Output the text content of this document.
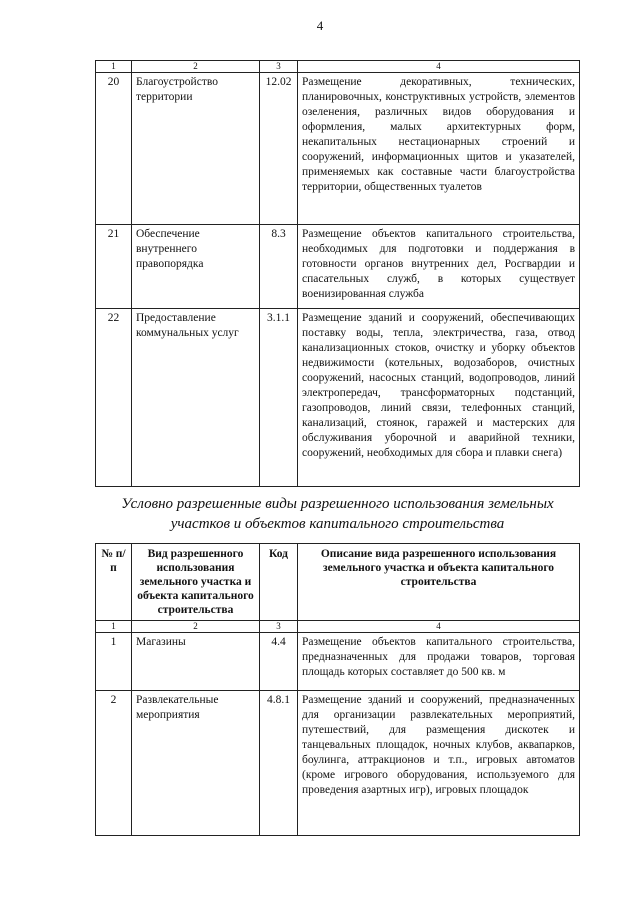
4
1	2	3	4
20	Благоустройство территории	12.02	Размещение декоративных, технических, планировочных, конструктивных устройств, элементов озеленения, различных видов оборудования и оформления, малых архитектурных форм, некапитальных нестационарных строений и сооружений, информационных щитов и указателей, применяемых как составные части благоустройства территории, общественных туалетов
21	Обеспечение внутреннего правопорядка	8.3	Размещение объектов капитального строительства, необходимых для подготовки и поддержания в готовности органов внутренних дел, Росгвардии и спасательных служб, в которых существует военизированная служба
22	Предоставление коммунальных услуг	3.1.1	Размещение зданий и сооружений, обеспечивающих поставку воды, тепла, электричества, газа, отвод канализационных стоков, очистку и уборку объектов недвижимости (котельных, водозаборов, очистных сооружений, насосных станций, водопроводов, линий электропередач, трансформаторных подстанций, газопроводов, линий связи, телефонных станций, канализаций, стоянок, гаражей и мастерских для обслуживания уборочной и аварийной техники, сооружений, необходимых для сбора и плавки снега)
Условно разрешенные виды разрешенного использования земельных участков и объектов капитального строительства
№ п/п	Вид разрешенного использования земельного участка и объекта капитального строительства	Код	Описание вида разрешенного использования земельного участка и объекта капитального строительства
1	2	3	4
1	Магазины	4.4	Размещение объектов капитального строительства, предназначенных для продажи товаров, торговая площадь которых составляет до 500 кв. м
2	Развлекательные мероприятия	4.8.1	Размещение зданий и сооружений, предназначенных для организации развлекательных мероприятий, путешествий, для размещения дискотек и танцевальных площадок, ночных клубов, аквапарков, боулинга, аттракционов и т.п., игровых автоматов (кроме игрового оборудования, используемого для проведения азартных игр), игровых площадок
